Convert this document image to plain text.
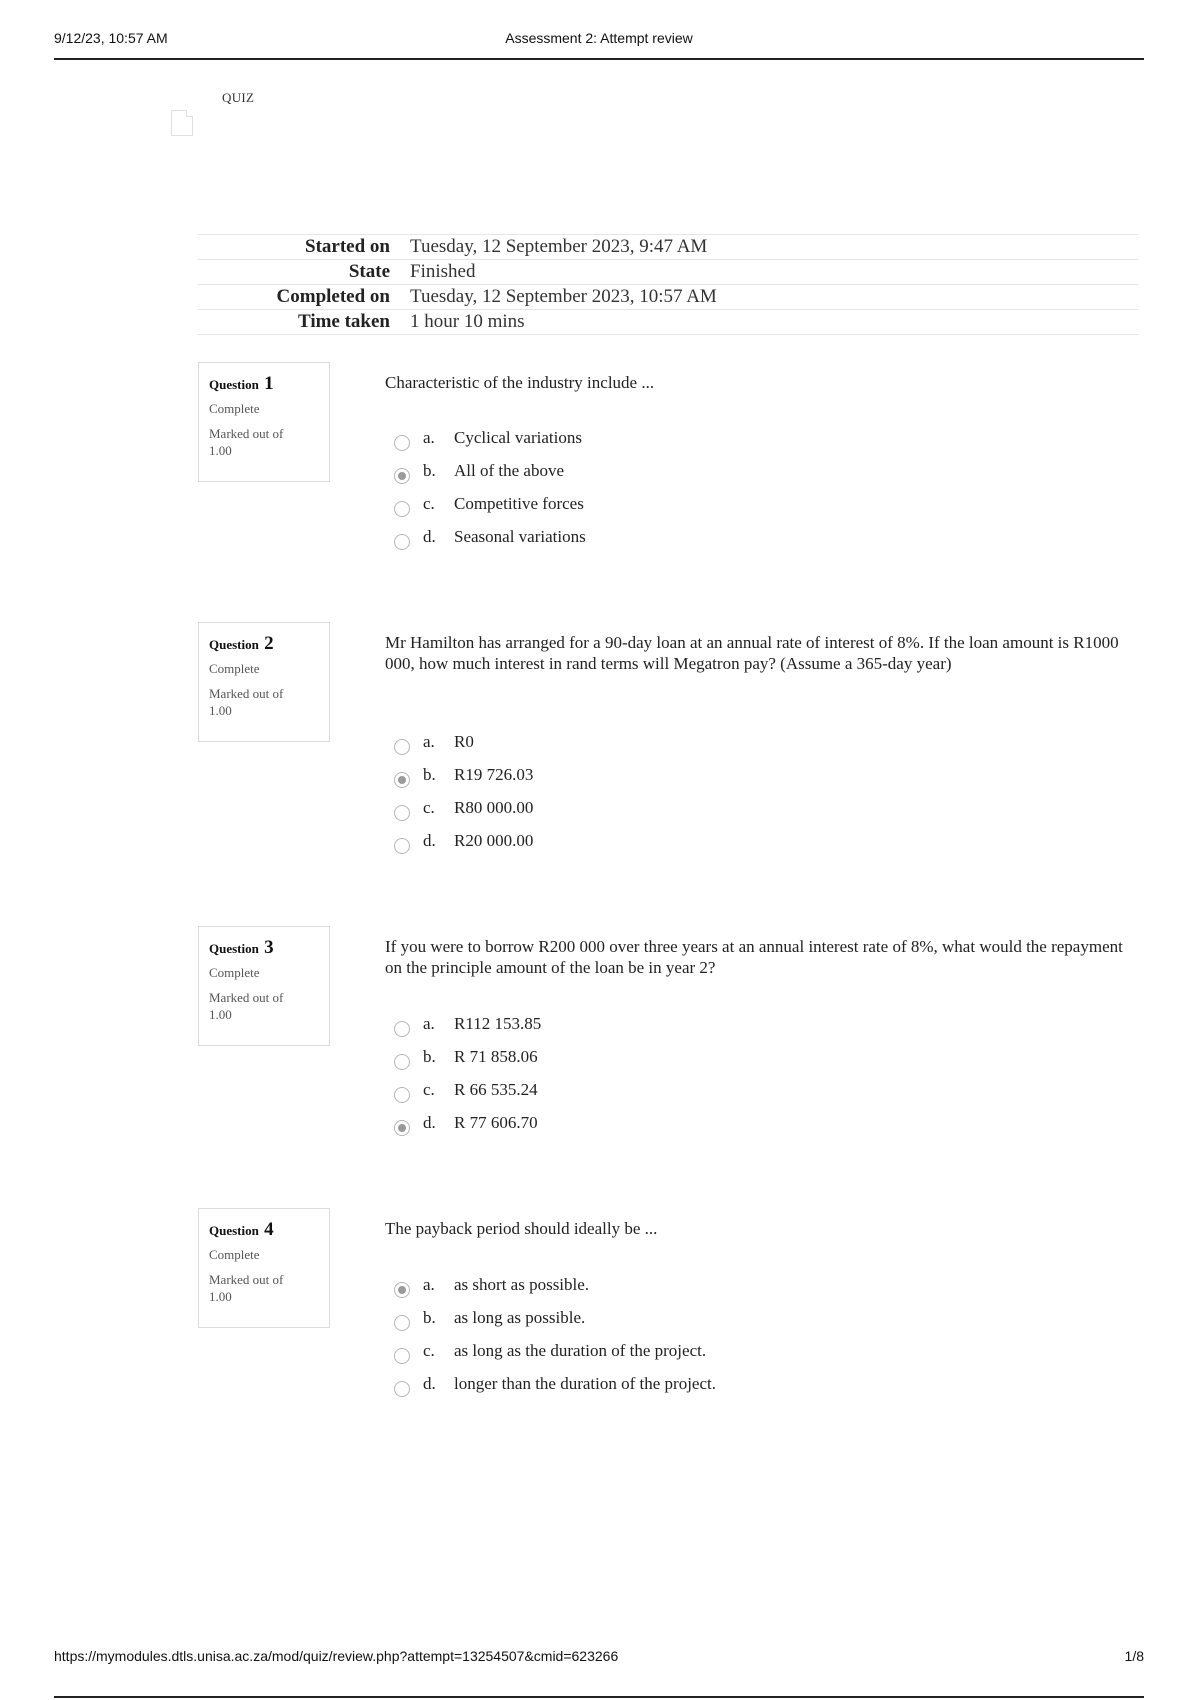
9/12/23, 10:57 AM	Assessment 2: Attempt review
QUIZ
Started on	Tuesday, 12 September 2023, 9:47 AM
State	Finished
Completed on	Tuesday, 12 September 2023, 10:57 AM
Time taken	1 hour 10 mins
Question 1
Complete
Marked out of 1.00
Characteristic of the industry include ...
a. Cyclical variations
b. All of the above
c. Competitive forces
d. Seasonal variations
Question 2
Complete
Marked out of 1.00
Mr Hamilton has arranged for a 90-day loan at an annual rate of interest of 8%. If the loan amount is R1000 000, how much interest in rand terms will Megatron pay? (Assume a 365-day year)
a. R0
b. R19 726.03
c. R80 000.00
d. R20 000.00
Question 3
Complete
Marked out of 1.00
If you were to borrow R200 000 over three years at an annual interest rate of 8%, what would the repayment on the principle amount of the loan be in year 2?
a. R112 153.85
b. R 71 858.06
c. R 66 535.24
d. R 77 606.70
Question 4
Complete
Marked out of 1.00
The payback period should ideally be ...
a. as short as possible.
b. as long as possible.
c. as long as the duration of the project.
d. longer than the duration of the project.
https://mymodules.dtls.unisa.ac.za/mod/quiz/review.php?attempt=13254507&cmid=623266	1/8
